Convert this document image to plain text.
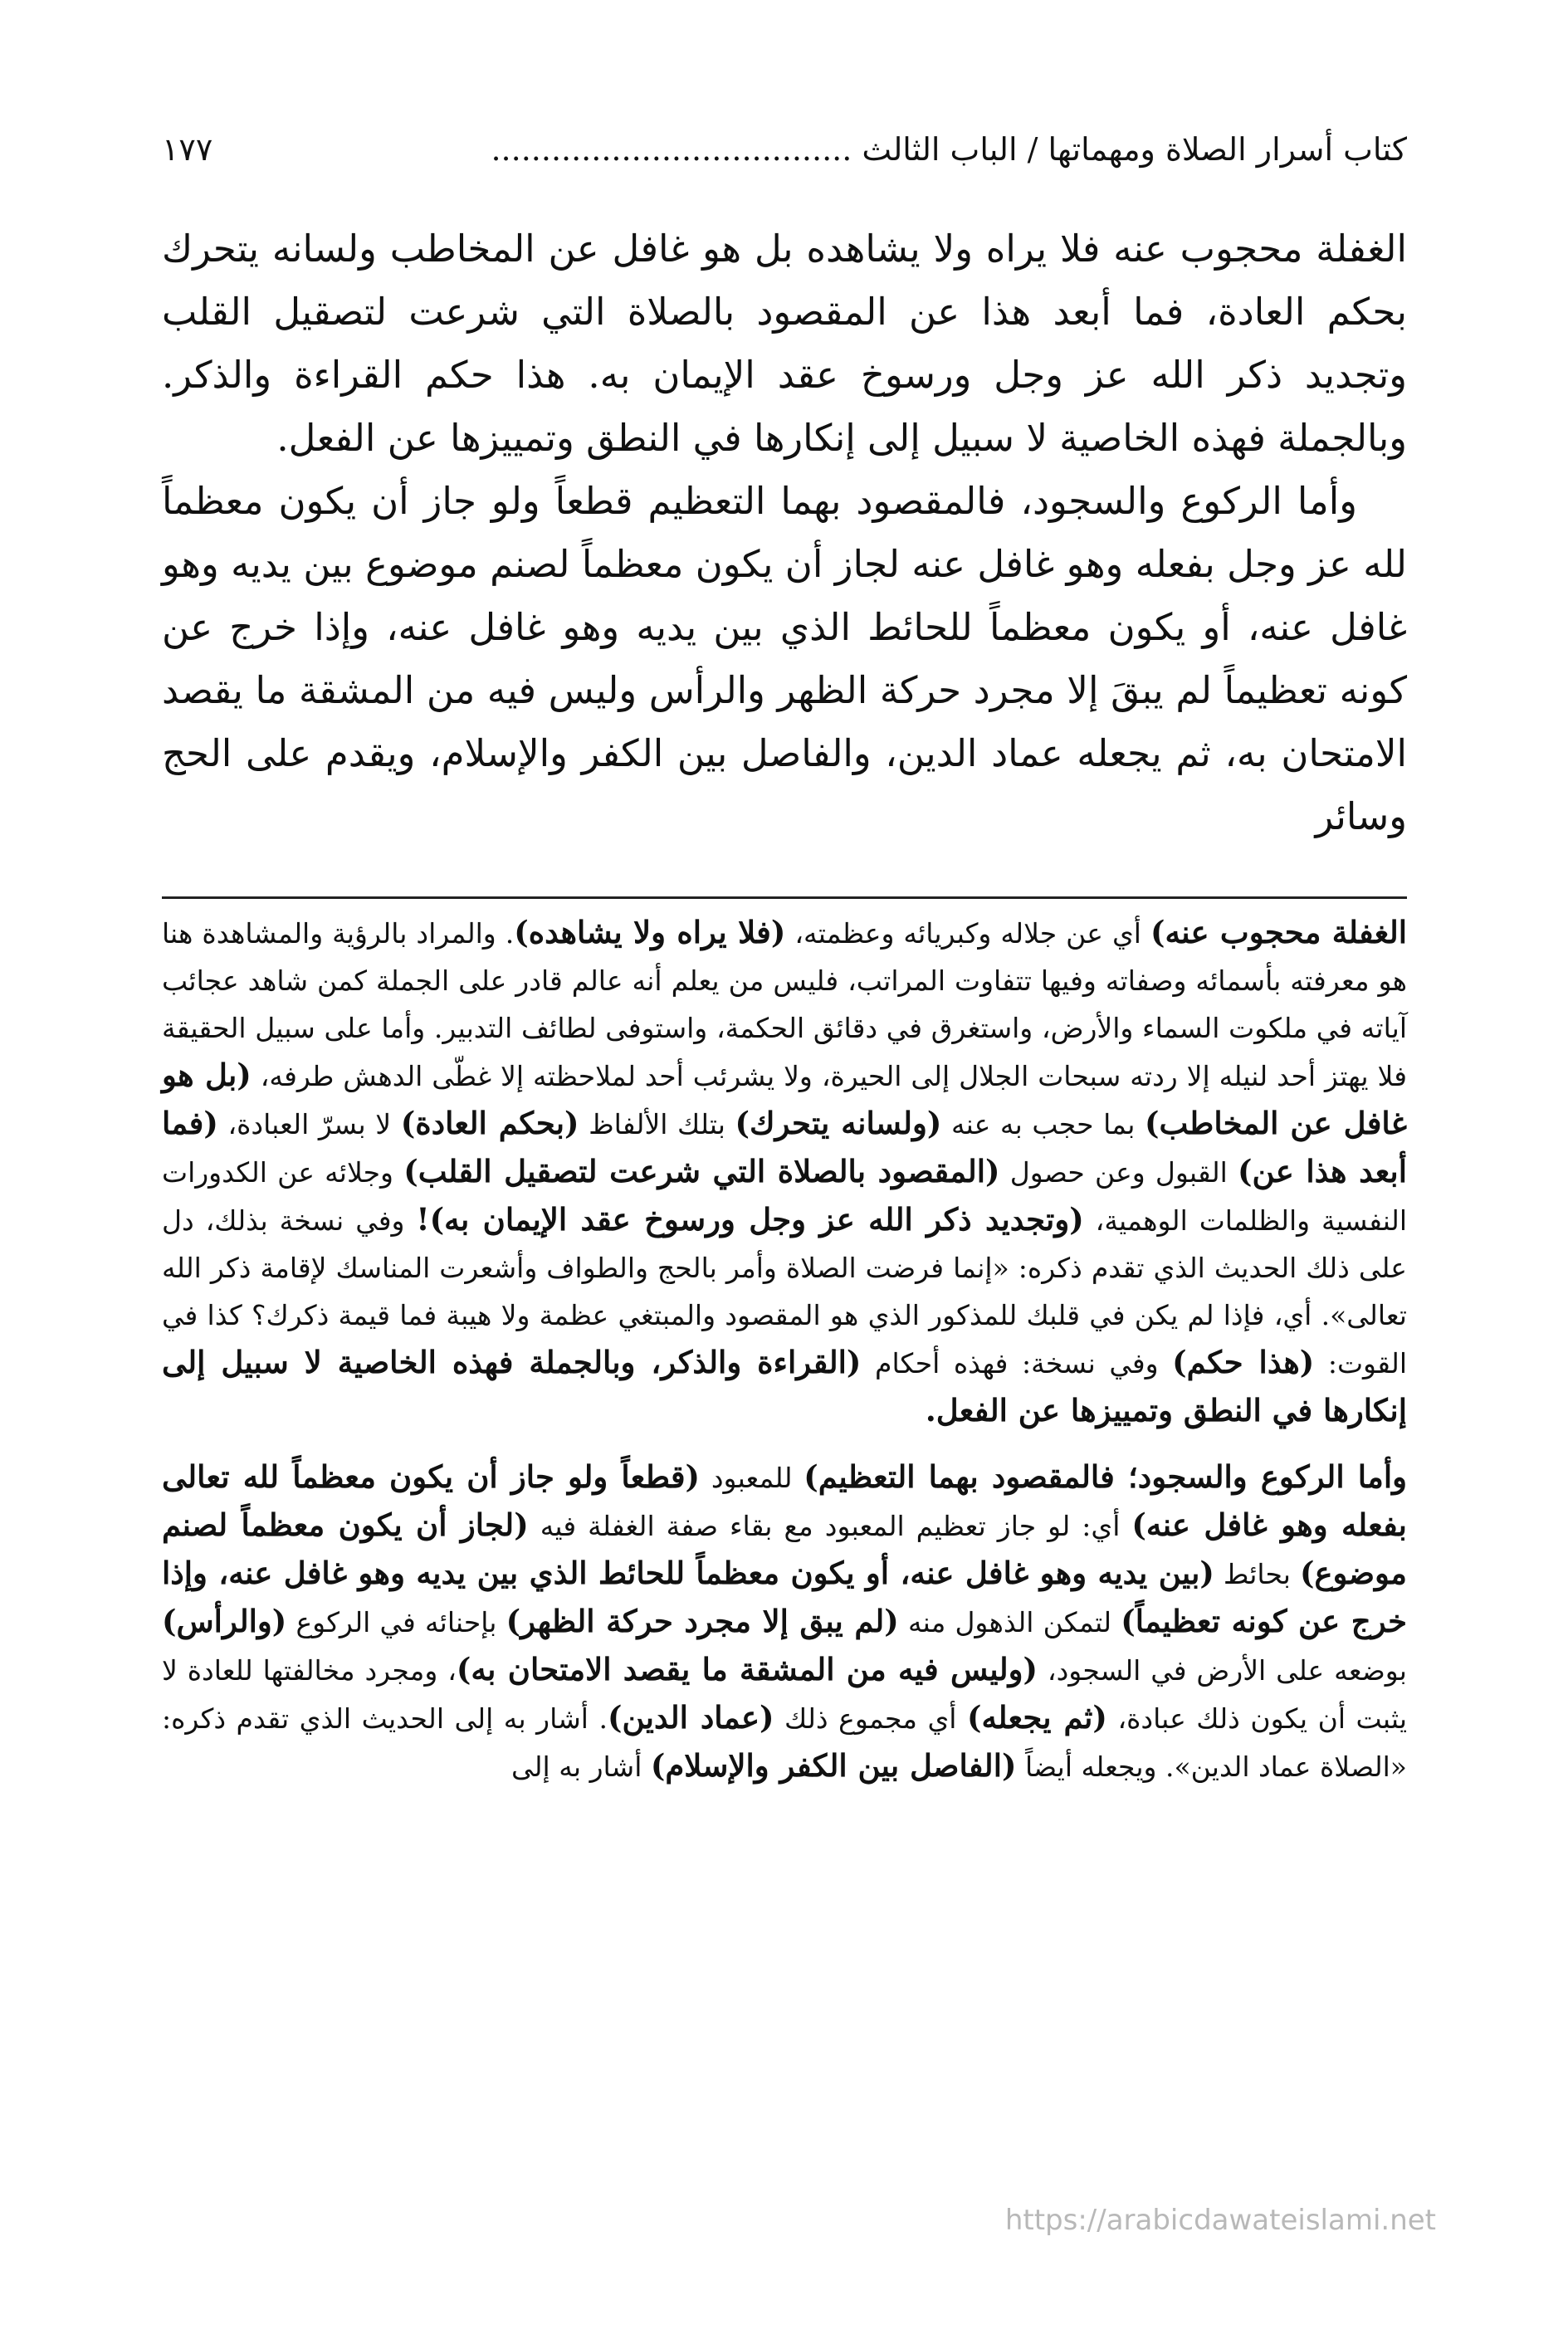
كتاب أسرار الصلاة ومهماتها / الباب الثالث ....................................
١٧٧

الغفلة محجوب عنه فلا يراه ولا يشاهده بل هو غافل عن المخاطب ولسانه يتحرك بحكم العادة، فما أبعد هذا عن المقصود بالصلاة التي شرعت لتصقيل القلب وتجديد ذكر الله عز وجل ورسوخ عقد الإيمان به. هذا حكم القراءة والذكر. وبالجملة فهذه الخاصية لا سبيل إلى إنكارها في النطق وتمييزها عن الفعل.

وأما الركوع والسجود، فالمقصود بهما التعظيم قطعاً ولو جاز أن يكون معظماً لله عز وجل بفعله وهو غافل عنه لجاز أن يكون معظماً لصنم موضوع بين يديه وهو غافل عنه، أو يكون معظماً للحائط الذي بين يديه وهو غافل عنه، وإذا خرج عن كونه تعظيماً لم يبقَ إلا مجرد حركة الظهر والرأس وليس فيه من المشقة ما يقصد الامتحان به، ثم يجعله عماد الدين، والفاصل بين الكفر والإسلام، ويقدم على الحج وسائر

الغفلة محجوب عنه) أي عن جلاله وكبريائه وعظمته، (فلا يراه ولا يشاهده). والمراد بالرؤية والمشاهدة هنا هو معرفته بأسمائه وصفاته وفيها تتفاوت المراتب، فليس من يعلم أنه عالم قادر على الجملة كمن شاهد عجائب آياته في ملكوت السماء والأرض، واستغرق في دقائق الحكمة، واستوفى لطائف التدبير. وأما على سبيل الحقيقة فلا يهتز أحد لنيله إلا ردته سبحات الجلال إلى الحيرة، ولا يشرئب أحد لملاحظته إلا غطّى الدهش طرفه، (بل هو غافل عن المخاطب) بما حجب به عنه (ولسانه يتحرك) بتلك الألفاظ (بحكم العادة) لا بسرّ العبادة، (فما أبعد هذا عن) القبول وعن حصول (المقصود بالصلاة التي شرعت لتصقيل القلب) وجلائه عن الكدورات النفسية والظلمات الوهمية، (وتجديد ذكر الله عز وجل ورسوخ عقد الإيمان به)! وفي نسخة بذلك، دل على ذلك الحديث الذي تقدم ذكره: «إنما فرضت الصلاة وأمر بالحج والطواف وأشعرت المناسك لإقامة ذكر الله تعالى». أي، فإذا لم يكن في قلبك للمذكور الذي هو المقصود والمبتغي عظمة ولا هيبة فما قيمة ذكرك؟ كذا في القوت: (هذا حكم) وفي نسخة: فهذه أحكام (القراءة والذكر، وبالجملة فهذه الخاصية لا سبيل إلى إنكارها في النطق وتمييزها عن الفعل.

وأما الركوع والسجود؛ فالمقصود بهما التعظيم) للمعبود (قطعاً ولو جاز أن يكون معظماً لله تعالى بفعله وهو غافل عنه) أي: لو جاز تعظيم المعبود مع بقاء صفة الغفلة فيه (لجاز أن يكون معظماً لصنم موضوع) بحائط (بين يديه وهو غافل عنه، أو يكون معظماً للحائط الذي بين يديه وهو غافل عنه، وإذا خرج عن كونه تعظيماً) لتمكن الذهول منه (لم يبق إلا مجرد حركة الظهر) بإحنائه في الركوع (والرأس) بوضعه على الأرض في السجود، (وليس فيه من المشقة ما يقصد الامتحان به)، ومجرد مخالفتها للعادة لا يثبت أن يكون ذلك عبادة، (ثم يجعله) أي مجموع ذلك (عماد الدين). أشار به إلى الحديث الذي تقدم ذكره: «الصلاة عماد الدين». ويجعله أيضاً (الفاصل بين الكفر والإسلام) أشار به إلى

https://arabicdawateislami.net
